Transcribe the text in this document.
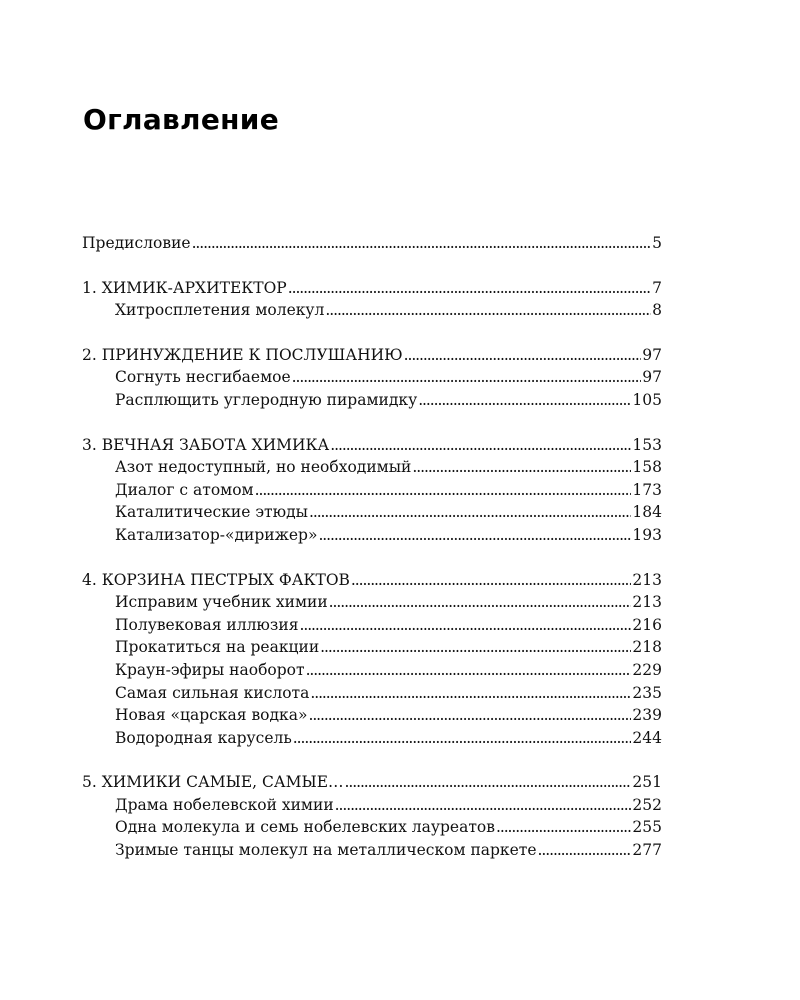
Оглавление
Предисловие . . .	5
1. ХИМИК-АРХИТЕКТОР . . .	7
Хитросплетения молекул . . .	8
2. ПРИНУЖДЕНИЕ К ПОСЛУШАНИЮ . . .	97
Согнуть несгибаемое . . .	97
Расплющить углеродную пирамидку . . .	105
3. ВЕЧНАЯ ЗАБОТА ХИМИКА . . .	153
Азот недоступный, но необходимый . . .	158
Диалог с атомом . . .	173
Каталитические этюды . . .	184
Катализатор-«дирижер» . . .	193
4. КОРЗИНА ПЕСТРЫХ ФАКТОВ . . .	213
Исправим учебник химии . . .	213
Полувековая иллюзия . . .	216
Прокатиться на реакции . . .	218
Краун-эфиры наоборот . . .	229
Самая сильная кислота . . .	235
Новая «царская водка» . . .	239
Водородная карусель . . .	244
5. ХИМИКИ САМЫЕ, САМЫЕ… . . .	251
Драма нобелевской химии . . .	252
Одна молекула и семь нобелевских лауреатов . . .	255
Зримые танцы молекул на металлическом паркете . . .	277
